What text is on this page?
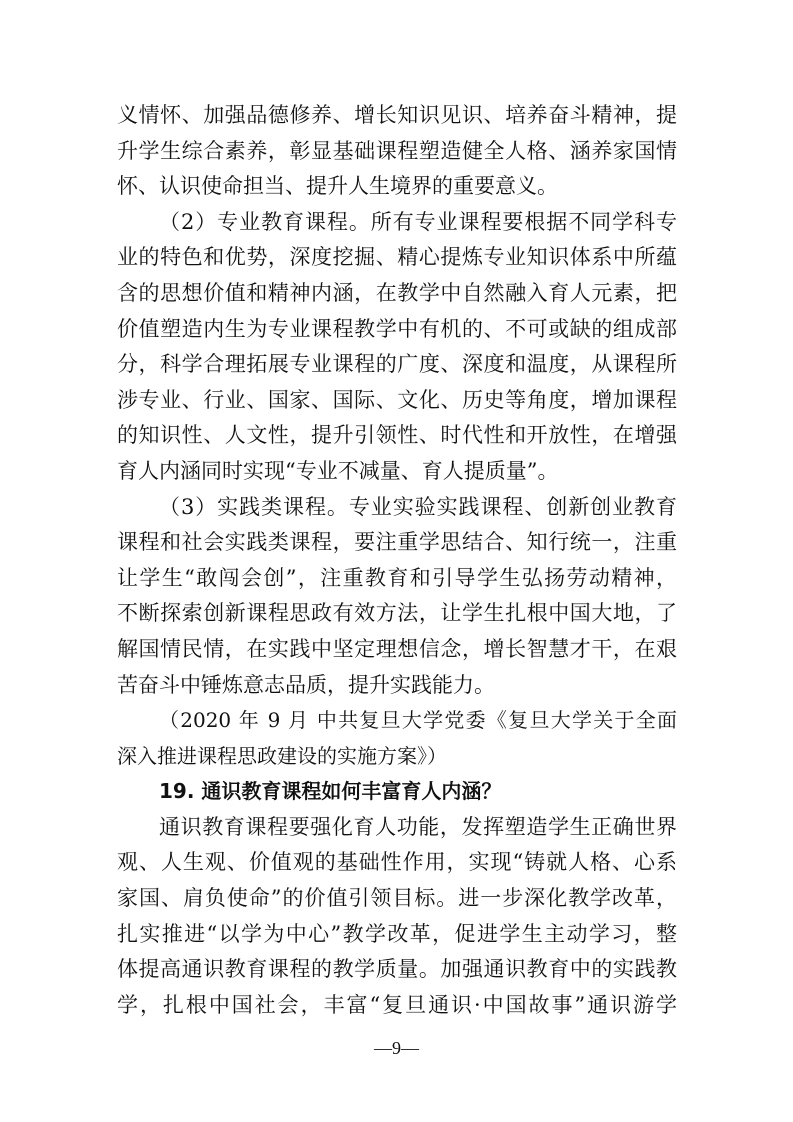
义情怀、加强品德修养、增长知识见识、培养奋斗精神，提
升学生综合素养，彰显基础课程塑造健全人格、涵养家国情
怀、认识使命担当、提升人生境界的重要意义。
（2）专业教育课程。所有专业课程要根据不同学科专
业的特色和优势，深度挖掘、精心提炼专业知识体系中所蕴
含的思想价值和精神内涵，在教学中自然融入育人元素，把
价值塑造内生为专业课程教学中有机的、不可或缺的组成部
分，科学合理拓展专业课程的广度、深度和温度，从课程所
涉专业、行业、国家、国际、文化、历史等角度，增加课程
的知识性、人文性，提升引领性、时代性和开放性，在增强
育人内涵同时实现“专业不减量、育人提质量”。
（3）实践类课程。专业实验实践课程、创新创业教育
课程和社会实践类课程，要注重学思结合、知行统一，注重
让学生“敢闯会创”，注重教育和引导学生弘扬劳动精神，
不断探索创新课程思政有效方法，让学生扎根中国大地，了
解国情民情，在实践中坚定理想信念，增长智慧才干，在艰
苦奋斗中锤炼意志品质，提升实践能力。
（2020 年 9 月 中共复旦大学党委《复旦大学关于全面
深入推进课程思政建设的实施方案》）
19. 通识教育课程如何丰富育人内涵？
通识教育课程要强化育人功能，发挥塑造学生正确世界
观、人生观、价值观的基础性作用，实现“铸就人格、心系
家国、肩负使命”的价值引领目标。进一步深化教学改革，
扎实推进“以学为中心”教学改革，促进学生主动学习，整
体提高通识教育课程的教学质量。加强通识教育中的实践教
学，扎根中国社会，丰富“复旦通识·中国故事”通识游学
—9—
